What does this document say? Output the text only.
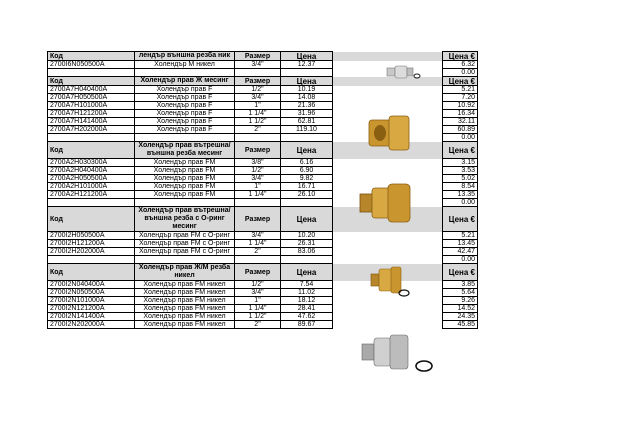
Код	лендър външна резба ник	Размер	Цена		Цена €
2700I6N050500A	Холендър М никел	3/4"	12.37		6.32
					0.00
Код	Холендър прав Ж месинг	Размер	Цена		Цена €
2700A7H040400A	Холендър прав F	1/2"	10.19		5.21
2700A7H050500A	Холендър прав F	3/4"	14.08		7.20
2700A7H101000A	Холендър прав F	1"	21.36		10.92
2700A7H121200A	Холендър прав F	1 1/4"	31.96		16.34
2700A7H141400A	Холендър прав F	1 1/2"	62.81		32.11
2700A7H202000A	Холендър прав F	2"	119.10		60.89
					0.00
Код	Холендър прав вътрешна/външна резба месинг	Размер	Цена		Цена €
2700A2H030300A	Холендър прав FM	3/8"	6.16		3.15
2700A2H040400A	Холендър прав FM	1/2"	6.90		3.53
2700A2H050500A	Холендър прав FM	3/4"	9.82		5.02
2700A2H101000A	Холендър прав FM	1"	16.71		8.54
2700A2H121200A	Холендър прав FM	1 1/4"	26.10		13.35
					0.00
Код	Холендър прав вътрешна/външна резба с О-ринг месинг	Размер	Цена		Цена €
2700I2H050500A	Холендър прав FM с О-ринг	3/4"	10.20		5.21
2700I2H121200A	Холендър прав FM с О-ринг	1 1/4"	26.31		13.45
2700I2H202000A	Холендър прав FM с О-ринг	2"	83.06		42.47
					0.00
Код	Холендър прав Ж/М резба никел	Размер	Цена		Цена €
2700I2N040400A	Холендър прав FM никел	1/2"	7.54		3.85
2700I2N050500A	Холендър прав FM никел	3/4"	11.02		5.64
2700I2N101000A	Холендър прав FM никел	1"	18.12		9.26
2700I2N121200A	Холендър прав FM никел	1 1/4"	28.41		14.52
2700I2N141400A	Холендър прав FM никел	1 1/2"	47.62		24.35
2700I2N202000A	Холендър прав FM никел	2"	89.67		45.85
